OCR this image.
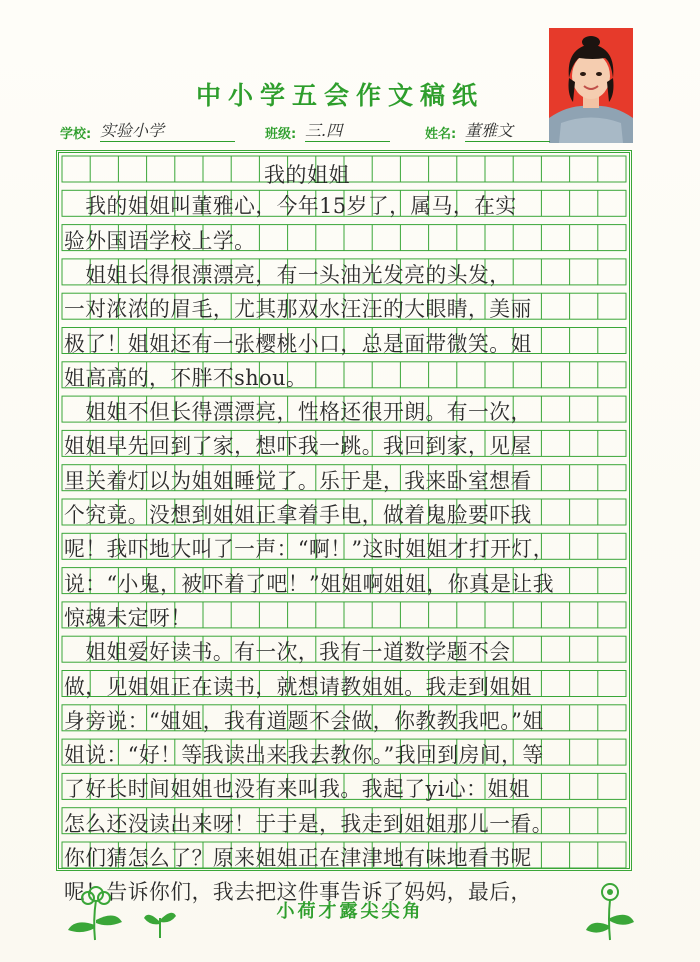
中小学五会作文稿纸
学校: 实验小学	班级: 三.四	姓名: 董雅文
我的姐姐
　我的姐姐叫董雅心，今年15岁了，属马，在实
验外国语学校上学。
　姐姐长得很漂漂亮，有一头油光发亮的头发，
一对浓浓的眉毛，尤其那双水汪汪的大眼睛，美丽
极了！姐姐还有一张樱桃小口，总是面带微笑。姐
姐高高的，不胖不shou。
　姐姐不但长得漂漂亮，性格还很开朗。有一次，
姐姐早先回到了家，想吓我一跳。我回到家，见屋
里关着灯以为姐姐睡觉了。乐于是，我来卧室想看
个究竟。没想到姐姐正拿着手电，做着鬼脸要吓我
呢！我吓地大叫了一声：“啊！”这时姐姐才打开灯，
说：“小鬼，被吓着了吧！”姐姐啊姐姐，你真是让我
惊魂未定呀！
　姐姐爱好读书。有一次，我有一道数学题不会
做，见姐姐正在读书，就想请教姐姐。我走到姐姐
身旁说：“姐姐，我有道题不会做，你教教我吧。”姐
姐说：“好！等我读出来我去教你。”我回到房间，等
了好长时间姐姐也没有来叫我。我起了yi心：姐姐
怎么还没读出来呀！于于是，我走到姐姐那儿一看。
你们猜怎么了？原来姐姐正在津津地有味地看书呢
呢！告诉你们，我去把这件事告诉了妈妈，最后，
小荷才露尖尖角
